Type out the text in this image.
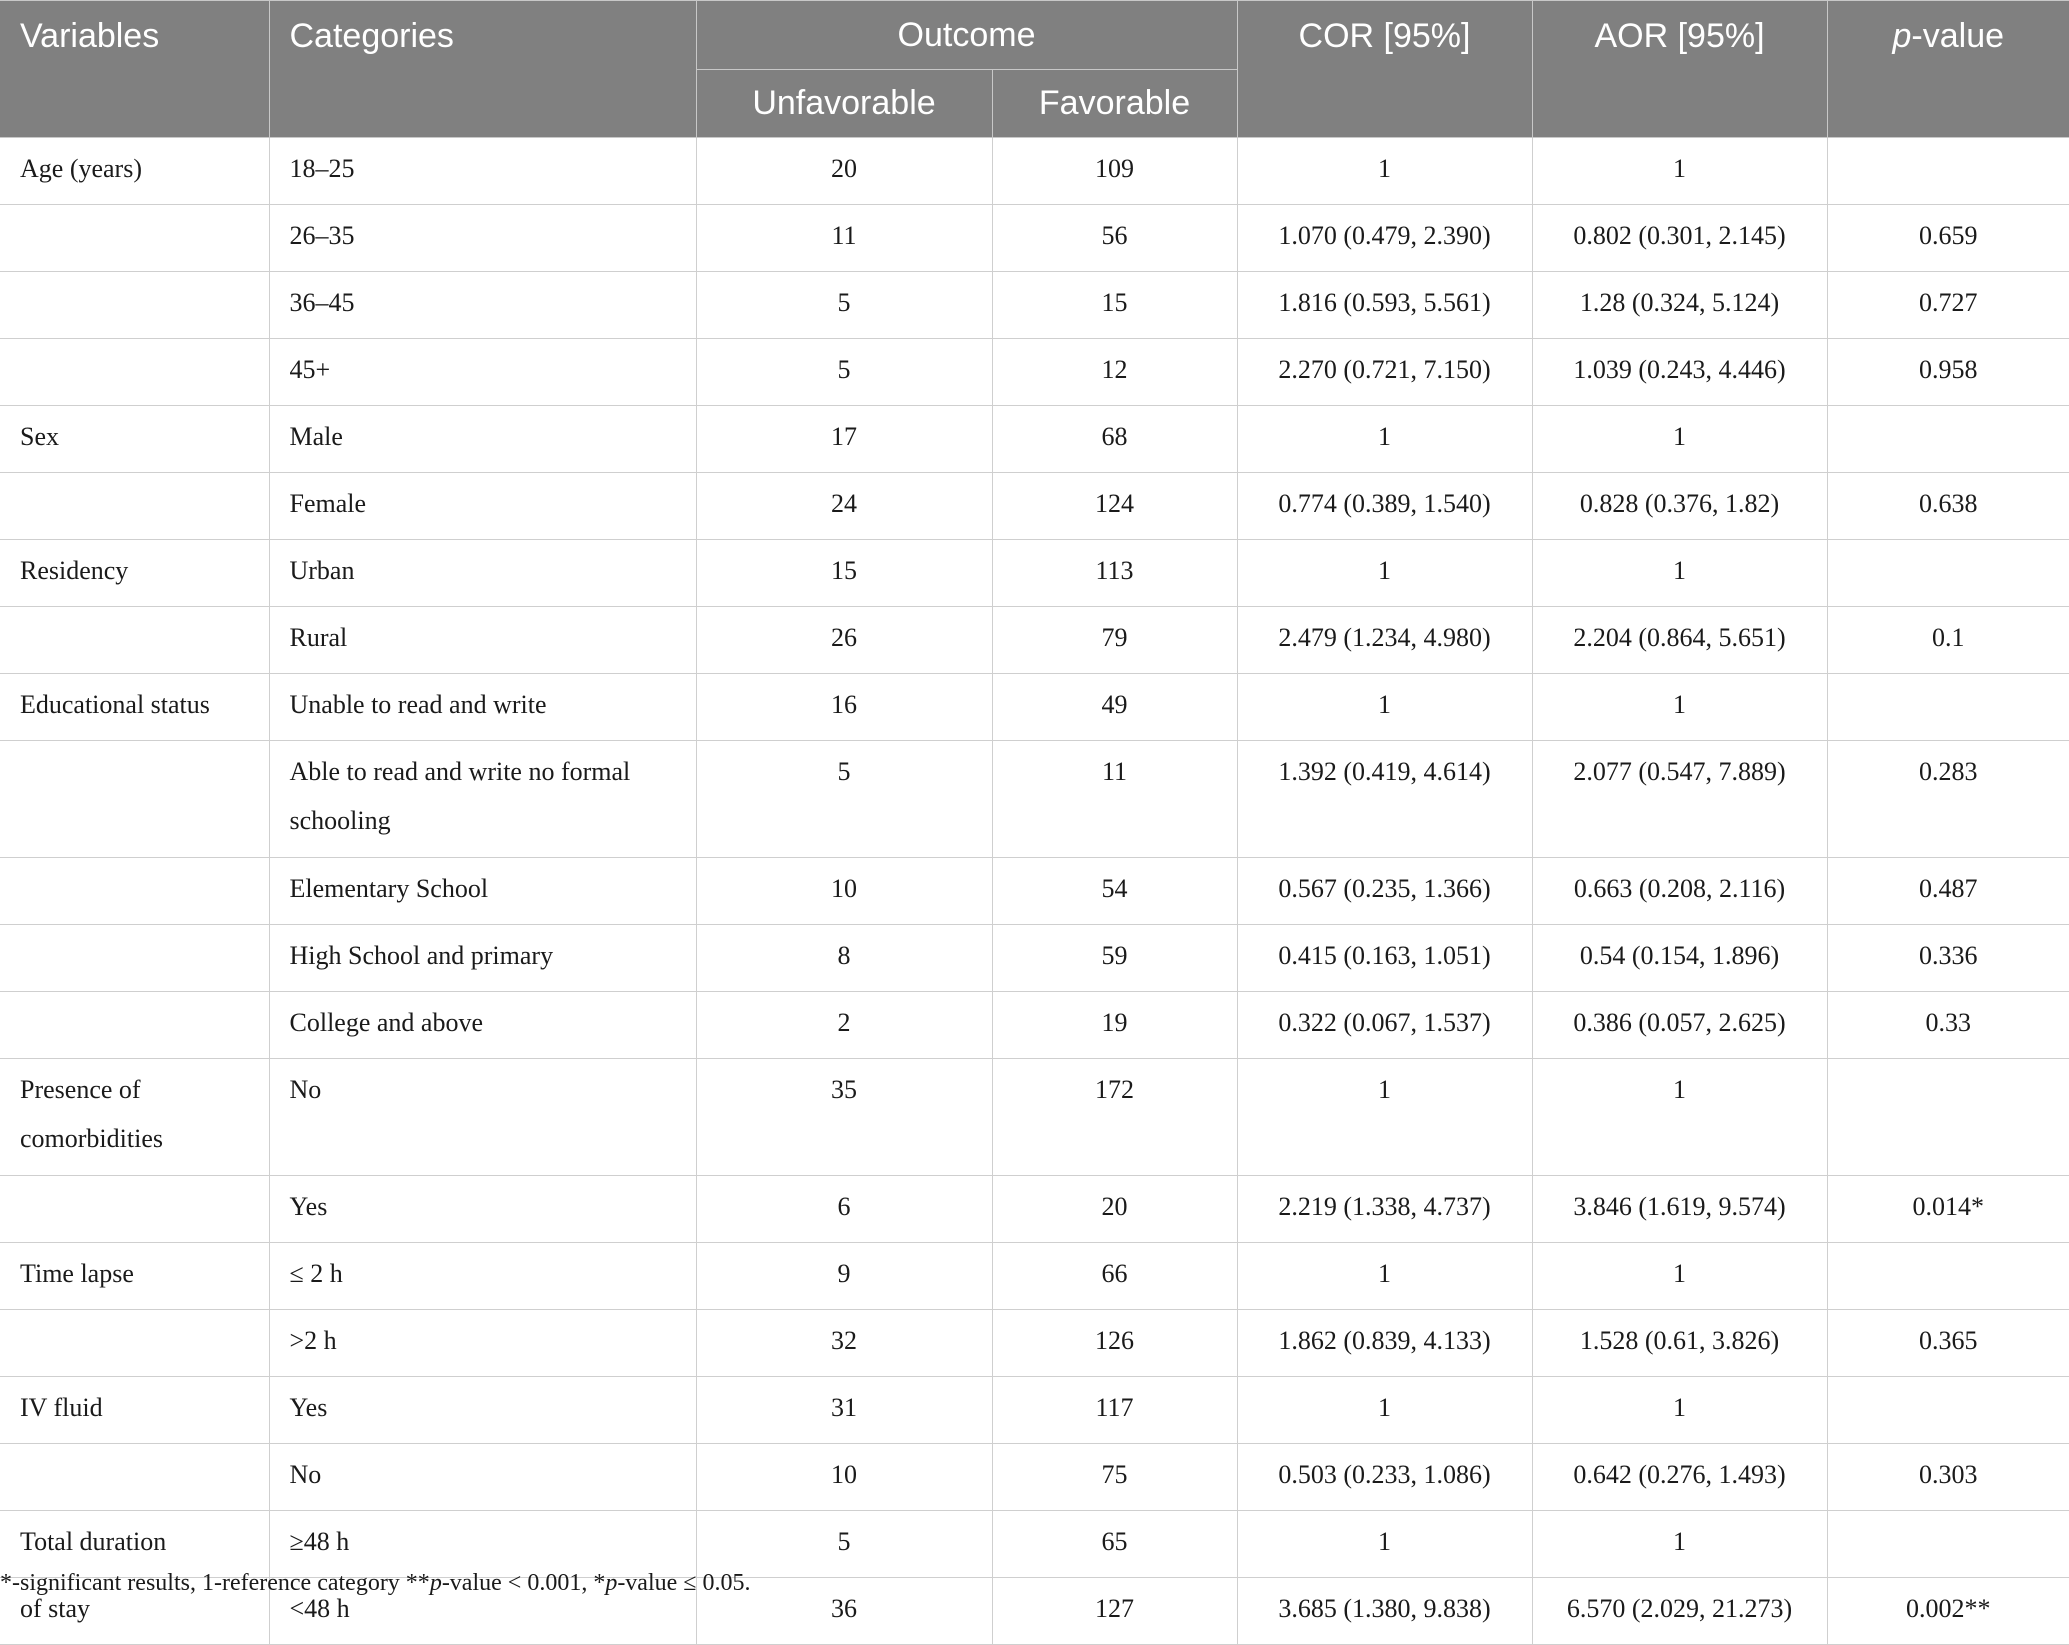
Variables	Categories	Outcome		COR [95%]	AOR [95%]	p-value
		Unfavorable	Favorable			
Age (years)	18–25	20	109	1	1	
	26–35	11	56	1.070 (0.479, 2.390)	0.802 (0.301, 2.145)	0.659
	36–45	5	15	1.816 (0.593, 5.561)	1.28 (0.324, 5.124)	0.727
	45+	5	12	2.270 (0.721, 7.150)	1.039 (0.243, 4.446)	0.958
Sex	Male	17	68	1	1	
	Female	24	124	0.774 (0.389, 1.540)	0.828 (0.376, 1.82)	0.638
Residency	Urban	15	113	1	1	
	Rural	26	79	2.479 (1.234, 4.980)	2.204 (0.864, 5.651)	0.1
Educational status	Unable to read and write	16	49	1	1	
	Able to read and write no formal schooling	5	11	1.392 (0.419, 4.614)	2.077 (0.547, 7.889)	0.283
	Elementary School	10	54	0.567 (0.235, 1.366)	0.663 (0.208, 2.116)	0.487
	High School and primary	8	59	0.415 (0.163, 1.051)	0.54 (0.154, 1.896)	0.336
	College and above	2	19	0.322 (0.067, 1.537)	0.386 (0.057, 2.625)	0.33
Presence of comorbidities	No	35	172	1	1	
	Yes	6	20	2.219 (1.338, 4.737)	3.846 (1.619, 9.574)	0.014*
Time lapse	≤ 2 h	9	66	1	1	
	>2 h	32	126	1.862 (0.839, 4.133)	1.528 (0.61, 3.826)	0.365
IV fluid	Yes	31	117	1	1	
	No	10	75	0.503 (0.233, 1.086)	0.642 (0.276, 1.493)	0.303
Total duration	≥48 h	5	65	1	1	
of stay	<48 h	36	127	3.685 (1.380, 9.838)	6.570 (2.029, 21.273)	0.002**
*-significant results, 1-reference category **p-value < 0.001, *p-value ≤ 0.05.
